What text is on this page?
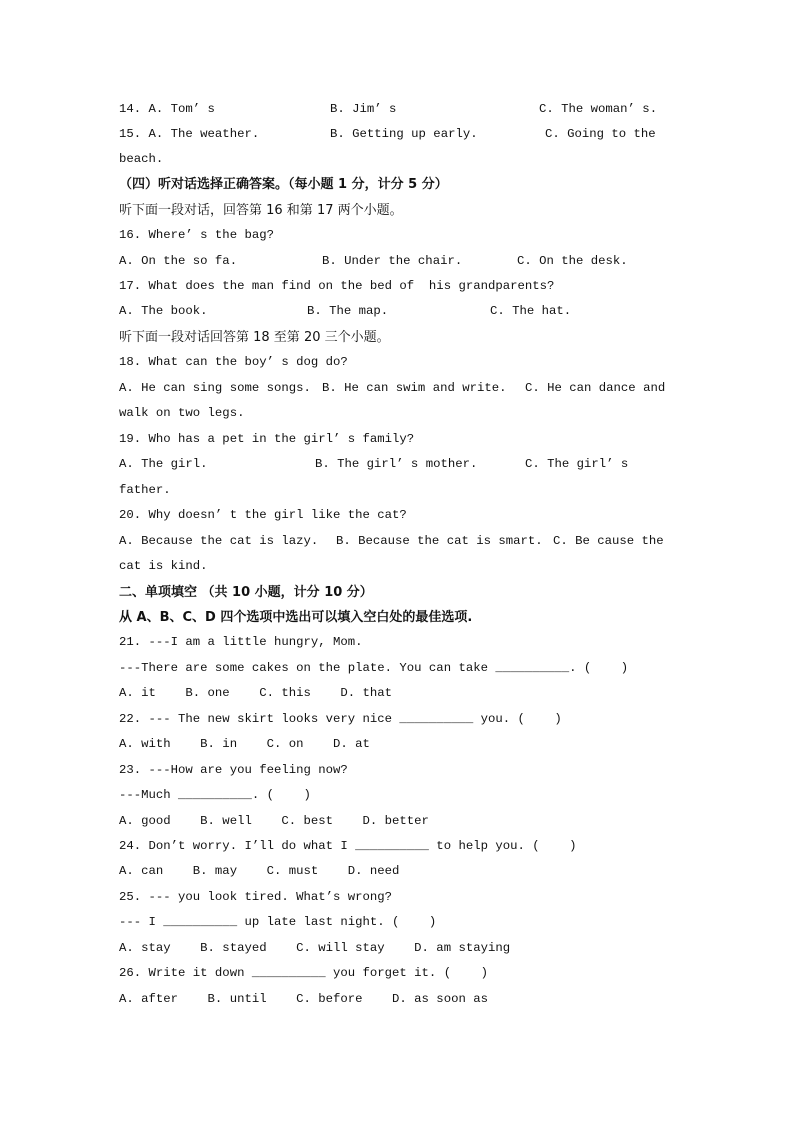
14. A. Tom’ s

	B. Jim’ s

	C. The woman’ s.

15. A. The weather.

	B. Getting up early.

	C. Going to the

beach.
（四）听对话选择正确答案。（每小题 1 分，计分 5 分）
听下面一段对话，回答第 16 和第 17 两个小题。
16. Where’ s the bag?

A. On the so fa.

	B. Under the chair.

	C. On the desk.

17. What does the man find on the bed of  his grandparents?

A. The book.

	B. The map.

	C. The hat.

听下面一段对话回答第 18 至第 20 三个小题。
18. What can the boy’ s dog do?

A. He can sing some songs.

B. He can swim and write.

C. He can dance and

walk on two legs.
19. Who has a pet in the girl’ s family?

A. The girl.

	B. The girl’ s mother.

	C. The girl’ s

father.
20. Why doesn’ t the girl like the cat?

A. Because the cat is lazy.

B. Because the cat is smart.

C. Be cause the

cat is kind.
二、单项填空 （共 10 小题，计分 10 分）
从 A、B、C、D 四个选项中选出可以填入空白处的最佳选项.
21. ---I am a little hungry, Mom.
---There are some cakes on the plate. You can take __________. (    )
A. it    B. one    C. this    D. that
22. --- The new skirt looks very nice __________ you. (    )
A. with    B. in    C. on    D. at
23. ---How are you feeling now?
---Much __________. (    )
A. good    B. well    C. best    D. better
24. Don’t worry. I’ll do what I __________ to help you. (    )
A. can    B. may    C. must    D. need
25. --- you look tired. What’s wrong?
--- I __________ up late last night. (    )
A. stay    B. stayed    C. will stay    D. am staying
26. Write it down __________ you forget it. (    )
A. after    B. until    C. before    D. as soon as
